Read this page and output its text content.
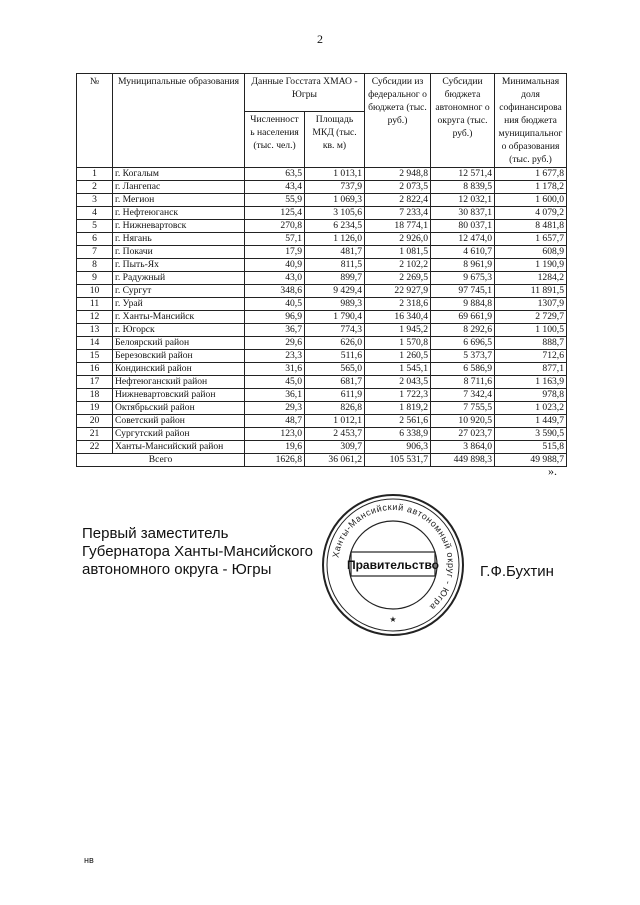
2
№	Муниципальные образования	Данные Госстата ХМАО - Югры		Субсидии из федеральног о бюджета (тыс. руб.)	Субсидии бюджета автономног о округа (тыс. руб.)	Минимальная доля софинансирова ния бюджета муниципальног о образования (тыс. руб.)
		Численност ь населения (тыс. чел.)	Площадь МКД (тыс. кв. м)			
1	г. Когалым	63,5	1 013,1	2 948,8	12 571,4	1 677,8
2	г. Лангепас	43,4	737,9	2 073,5	8 839,5	1 178,2
3	г. Мегион	55,9	1 069,3	2 822,4	12 032,1	1 600,0
4	г. Нефтеюганск	125,4	3 105,6	7 233,4	30 837,1	4 079,2
5	г. Нижневартовск	270,8	6 234,5	18 774,1	80 037,1	8 481,8
6	г. Нягань	57,1	1 126,0	2 926,0	12 474,0	1 657,7
7	г. Покачи	17,9	481,7	1 081,5	4 610,7	608,9
8	г. Пыть-Ях	40,9	811,5	2 102,2	8 961,9	1 190,9
9	г. Радужный	43,0	899,7	2 269,5	9 675,3	1284,2
10	г. Сургут	348,6	9 429,4	22 927,9	97 745,1	11 891,5
11	г. Урай	40,5	989,3	2 318,6	9 884,8	1307,9
12	г. Ханты-Мансийск	96,9	1 790,4	16 340,4	69 661,9	2 729,7
13	г. Югорск	36,7	774,3	1 945,2	8 292,6	1 100,5
14	Белоярский район	29,6	626,0	1 570,8	6 696,5	888,7
15	Березовский район	23,3	511,6	1 260,5	5 373,7	712,6
16	Кондинский район	31,6	565,0	1 545,1	6 586,9	877,1
17	Нефтеюганский район	45,0	681,7	2 043,5	8 711,6	1 163,9
18	Нижневартовский район	36,1	611,9	1 722,3	7 342,4	978,8
19	Октябрьский район	29,3	826,8	1 819,2	7 755,5	1 023,2
20	Советский район	48,7	1 012,1	2 561,6	10 920,5	1 449,7
21	Сургутский район	123,0	2 453,7	6 338,9	27 023,7	3 590,5
22	Ханты-Мансийский район	19,6	309,7	906,3	3 864,0	515,8
Всего		1626,8	36 061,2	105 531,7	449 898,3	49 988,7
».
Первый заместитель
Губернатора Ханты-Мансийского
автономного округа - Югры
Ханты-Мансийский автономный округ - Югра
Правительство
★
Г.Ф.Бухтин
нв
